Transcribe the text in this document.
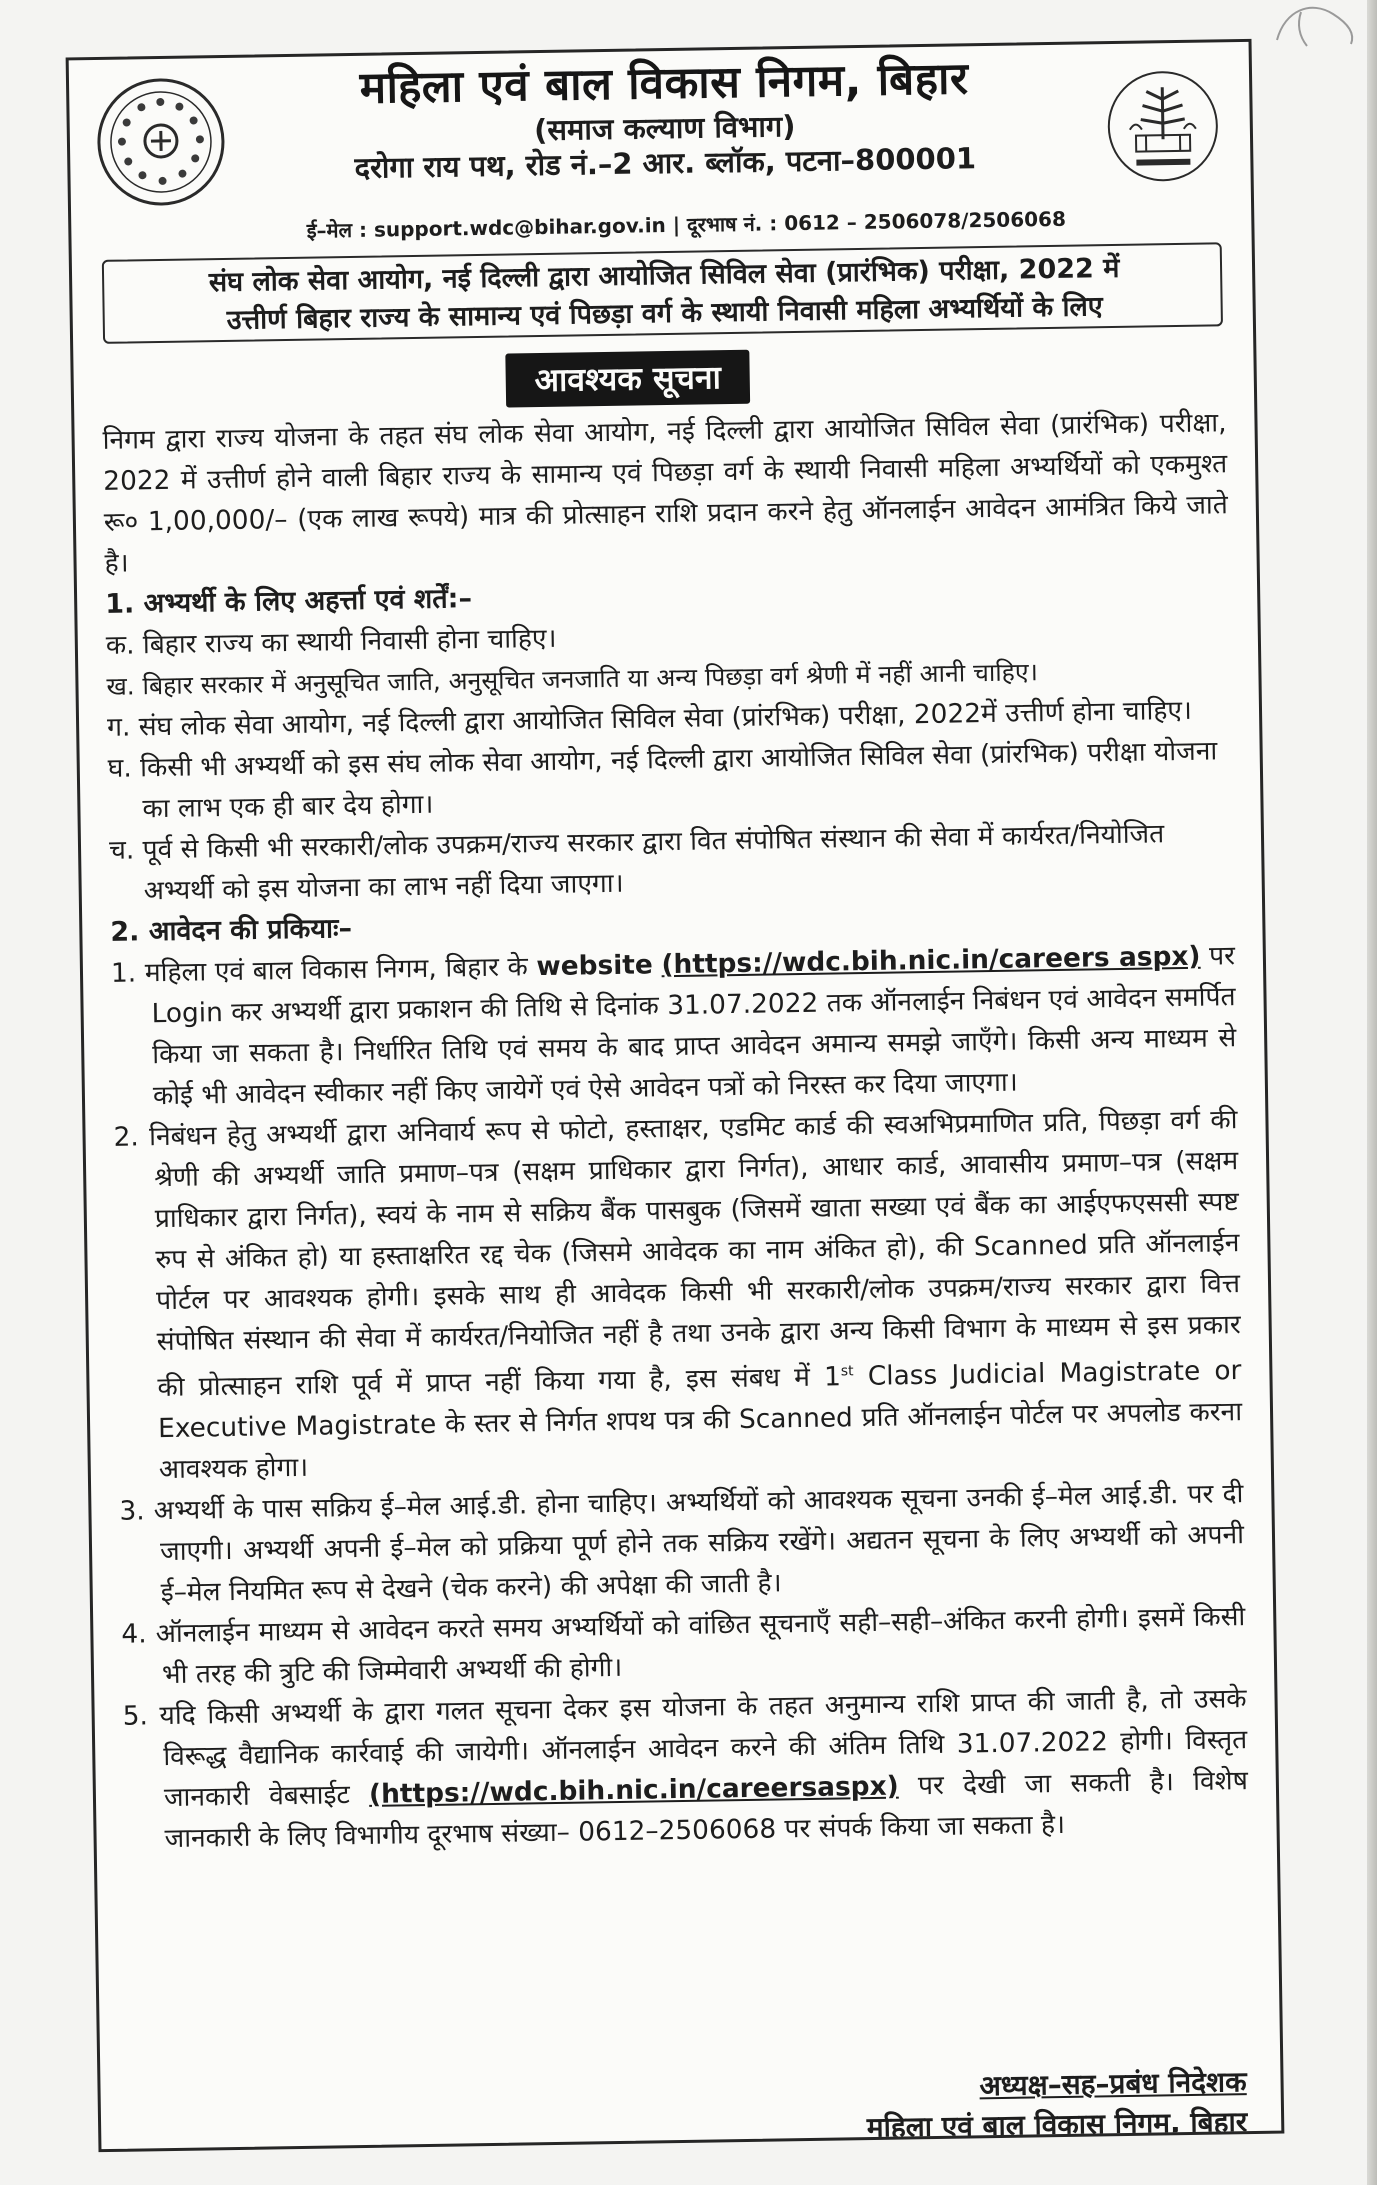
महिला एवं बाल विकास निगम, बिहार
(समाज कल्याण विभाग)
दरोगा राय पथ, रोड नं.–2 आर. ब्लॉक, पटना–800001
ई–मेल : support.wdc@bihar.gov.in | दूरभाष नं. : 0612 – 2506078/2506068
संघ लोक सेवा आयोग, नई दिल्ली द्वारा आयोजित सिविल सेवा (प्रारंभिक) परीक्षा, 2022 में
उत्तीर्ण बिहार राज्य के सामान्य एवं पिछड़ा वर्ग के स्थायी निवासी महिला अभ्यर्थियों के लिए
आवश्यक सूचना

निगम द्वारा राज्य योजना के तहत संघ लोक सेवा आयोग, नई दिल्ली द्वारा आयोजित सिविल सेवा (प्रारंभिक) परीक्षा, 2022 में उत्तीर्ण होने वाली बिहार राज्य के सामान्य एवं पिछड़ा वर्ग के स्थायी निवासी महिला अभ्यर्थियों को एकमुश्त रू० 1,00,000/– (एक लाख रूपये) मात्र की प्रोत्साहन राशि प्रदान करने हेतु ऑनलाईन आवेदन आमंत्रित किये जाते है।

1. अभ्यर्थी के लिए अहर्त्ता एवं शर्तें:–

क. बिहार राज्य का स्थायी निवासी होना चाहिए।

ख. बिहार सरकार में अनुसूचित जाति, अनुसूचित जनजाति या अन्य पिछड़ा वर्ग श्रेणी में नहीं आनी चाहिए।

ग. संघ लोक सेवा आयोग, नई दिल्ली द्वारा आयोजित सिविल सेवा (प्रांरभिक) परीक्षा, 2022में उत्तीर्ण होना चाहिए।

घ. किसी भी अभ्यर्थी को इस संघ लोक सेवा आयोग, नई दिल्ली द्वारा आयोजित सिविल सेवा (प्रांरभिक) परीक्षा योजना का लाभ एक ही बार देय होगा।

च. पूर्व से किसी भी सरकारी/लोक उपक्रम/राज्य सरकार द्वारा वित संपोषित संस्थान की सेवा में कार्यरत/नियोजित अभ्यर्थी को इस योजना का लाभ नहीं दिया जाएगा।

2. आवेदन की प्रकियाः–

1. महिला एवं बाल विकास निगम, बिहार के website (https://wdc.bih.nic.in/careers aspx) पर Login कर अभ्यर्थी द्वारा प्रकाशन की तिथि से दिनांक 31.07.2022 तक ऑनलाईन निबंधन एवं आवेदन समर्पित किया जा सकता है। निर्धारित तिथि एवं समय के बाद प्राप्त आवेदन अमान्य समझे जाएँगे। किसी अन्य माध्यम से कोई भी आवेदन स्वीकार नहीं किए जायेगें एवं ऐसे आवेदन पत्रों को निरस्त कर दिया जाएगा।

2. निबंधन हेतु अभ्यर्थी द्वारा अनिवार्य रूप से फोटो, हस्ताक्षर, एडमिट कार्ड की स्वअभिप्रमाणित प्रति, पिछड़ा वर्ग की श्रेणी की अभ्यर्थी जाति प्रमाण–पत्र (सक्षम प्राधिकार द्वारा निर्गत), आधार कार्ड, आवासीय प्रमाण–पत्र (सक्षम प्राधिकार द्वारा निर्गत), स्वयं के नाम से सक्रिय बैंक पासबुक (जिसमें खाता सख्या एवं बैंक का आईएफएससी स्पष्ट रुप से अंकित हो) या हस्ताक्षरित रद्द चेक (जिसमे आवेदक का नाम अंकित हो), की Scanned प्रति ऑनलाईन पोर्टल पर आवश्यक होगी। इसके साथ ही आवेदक किसी भी सरकारी/लोक उपक्रम/राज्य सरकार द्वारा वित्त संपोषित संस्थान की सेवा में कार्यरत/नियोजित नहीं है तथा उनके द्वारा अन्य किसी विभाग के माध्यम से इस प्रकार की प्रोत्साहन राशि पूर्व में प्राप्त नहीं किया गया है, इस संबध में 1st Class Judicial Magistrate or Executive Magistrate के स्तर से निर्गत शपथ पत्र की Scanned प्रति ऑनलाईन पोर्टल पर अपलोड करना आवश्यक होगा।

3. अभ्यर्थी के पास सक्रिय ई–मेल आई.डी. होना चाहिए। अभ्यर्थियों को आवश्यक सूचना उनकी ई–मेल आई.डी. पर दी जाएगी। अभ्यर्थी अपनी ई–मेल को प्रक्रिया पूर्ण होने तक सक्रिय रखेंगे। अद्यतन सूचना के लिए अभ्यर्थी को अपनी ई–मेल नियमित रूप से देखने (चेक करने) की अपेक्षा की जाती है।

4. ऑनलाईन माध्यम से आवेदन करते समय अभ्यर्थियों को वांछित सूचनाएँ सही–सही–अंकित करनी होगी। इसमें किसी भी तरह की त्रुटि की जिम्मेवारी अभ्यर्थी की होगी।

5. यदि किसी अभ्यर्थी के द्वारा गलत सूचना देकर इस योजना के तहत अनुमान्य राशि प्राप्त की जाती है, तो उसके विरूद्ध वैद्यानिक कार्रवाई की जायेगी। ऑनलाईन आवेदन करने की अंतिम तिथि 31.07.2022 होगी। विस्तृत जानकारी वेबसाईट (https://wdc.bih.nic.in/careersaspx) पर देखी जा सकती है। विशेष जानकारी के लिए विभागीय दूरभाष संख्या– 0612–2506068 पर संपर्क किया जा सकता है।

अध्यक्ष–सह–प्रबंध निदेशक
महिला एवं बाल विकास निगम, बिहार
